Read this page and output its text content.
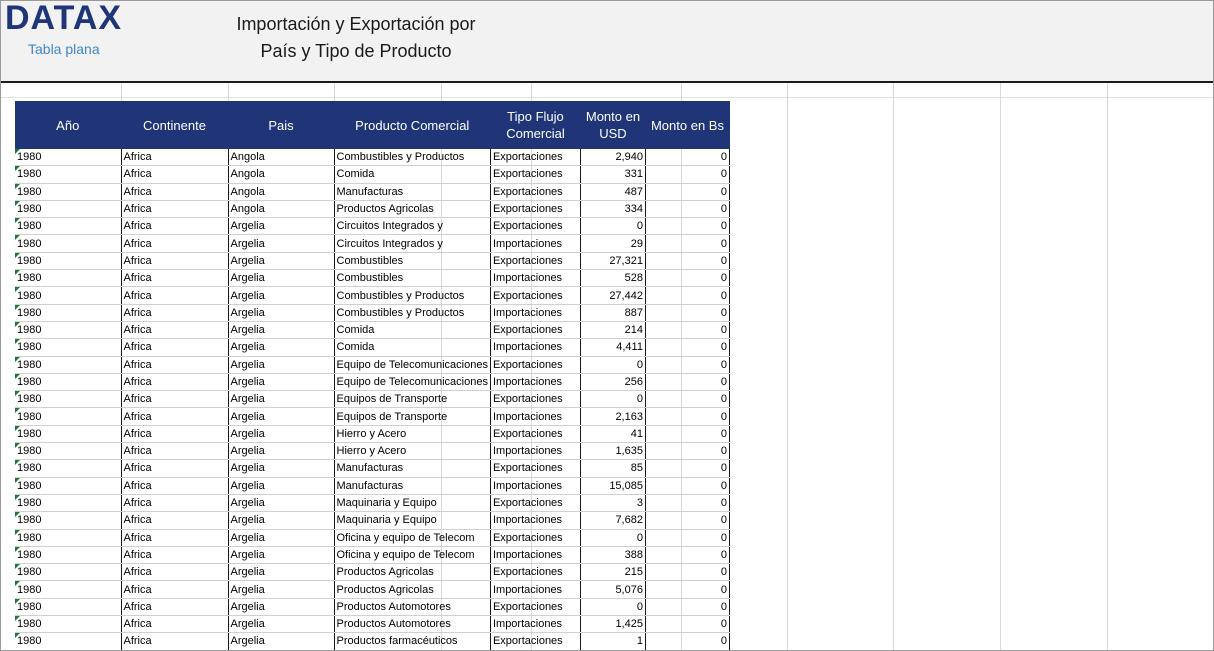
DATAX
Tabla plana
Importación y Exportación por
País y Tipo de Producto
Año	Continente	Pais	Producto Comercial	Tipo Flujo Comercial	Monto en USD	Monto en Bs
1980	Africa	Angola	Combustibles y Productos	Exportaciones	2,940	0
1980	Africa	Angola	Comida	Exportaciones	331	0
1980	Africa	Angola	Manufacturas	Exportaciones	487	0
1980	Africa	Angola	Productos Agricolas	Exportaciones	334	0
1980	Africa	Argelia	Circuitos Integrados y	Exportaciones	0	0
1980	Africa	Argelia	Circuitos Integrados y	Importaciones	29	0
1980	Africa	Argelia	Combustibles	Exportaciones	27,321	0
1980	Africa	Argelia	Combustibles	Importaciones	528	0
1980	Africa	Argelia	Combustibles y Productos	Exportaciones	27,442	0
1980	Africa	Argelia	Combustibles y Productos	Importaciones	887	0
1980	Africa	Argelia	Comida	Exportaciones	214	0
1980	Africa	Argelia	Comida	Importaciones	4,411	0
1980	Africa	Argelia	Equipo de Telecomunicaciones	Exportaciones	0	0
1980	Africa	Argelia	Equipo de Telecomunicaciones	Importaciones	256	0
1980	Africa	Argelia	Equipos de Transporte	Exportaciones	0	0
1980	Africa	Argelia	Equipos de Transporte	Importaciones	2,163	0
1980	Africa	Argelia	Hierro y Acero	Exportaciones	41	0
1980	Africa	Argelia	Hierro y Acero	Importaciones	1,635	0
1980	Africa	Argelia	Manufacturas	Exportaciones	85	0
1980	Africa	Argelia	Manufacturas	Importaciones	15,085	0
1980	Africa	Argelia	Maquinaria y Equipo	Exportaciones	3	0
1980	Africa	Argelia	Maquinaria y Equipo	Importaciones	7,682	0
1980	Africa	Argelia	Oficina y equipo de Telecom	Exportaciones	0	0
1980	Africa	Argelia	Oficina y equipo de Telecom	Importaciones	388	0
1980	Africa	Argelia	Productos Agricolas	Exportaciones	215	0
1980	Africa	Argelia	Productos Agricolas	Importaciones	5,076	0
1980	Africa	Argelia	Productos Automotores	Exportaciones	0	0
1980	Africa	Argelia	Productos Automotores	Importaciones	1,425	0
1980	Africa	Argelia	Productos farmacéuticos	Exportaciones	1	0
